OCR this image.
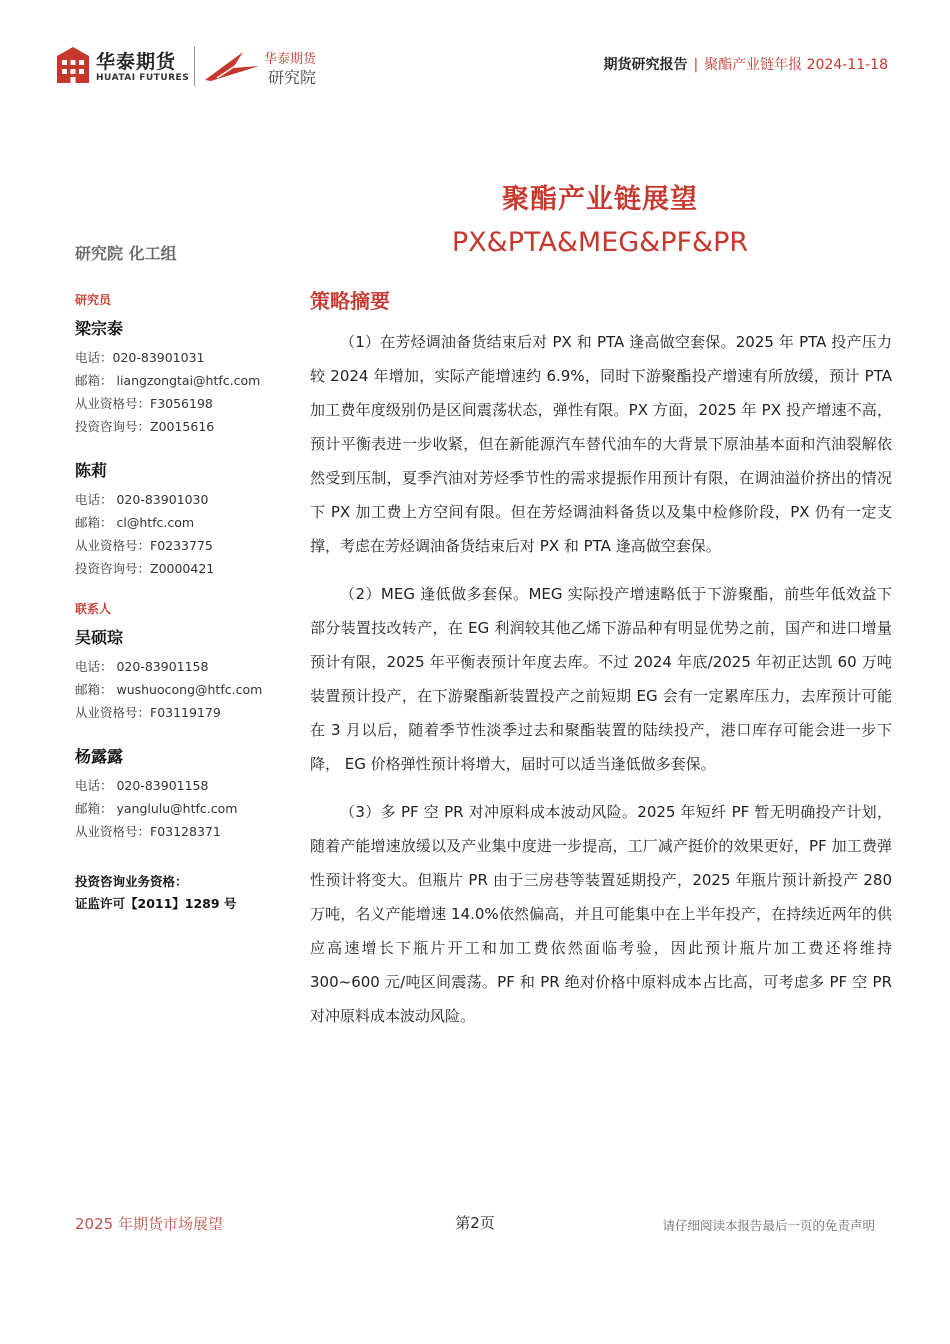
华泰期货
HUATAI FUTURES
华泰期货
研究院
期货研究报告 | 聚酯产业链年报 2024-11-18
聚酯产业链展望
PX&PTA&MEG&PF&PR
研究院 化工组
研究员
梁宗泰
电话：020-83901031
邮箱： liangzongtai@htfc.com
从业资格号：F3056198
投资咨询号：Z0015616
陈莉
电话： 020-83901030
邮箱： cl@htfc.com
从业资格号：F0233775
投资咨询号：Z0000421
联系人
吴硕琮
电话： 020-83901158
邮箱： wushuocong@htfc.com
从业资格号：F03119179
杨露露
电话： 020-83901158
邮箱： yanglulu@htfc.com
从业资格号：F03128371
投资咨询业务资格：
证监许可【2011】1289 号
策略摘要

（1）在芳烃调油备货结束后对 PX 和 PTA 逢高做空套保。2025 年 PTA 投产压力较 2024 年增加，实际产能增速约 6.9%，同时下游聚酯投产增速有所放缓，预计 PTA 加工费年度级别仍是区间震荡状态，弹性有限。PX 方面，2025 年 PX 投产增速不高，预计平衡表进一步收紧，但在新能源汽车替代油车的大背景下原油基本面和汽油裂解依然受到压制，夏季汽油对芳烃季节性的需求提振作用预计有限，在调油溢价挤出的情况下 PX 加工费上方空间有限。但在芳烃调油料备货以及集中检修阶段，PX 仍有一定支撑，考虑在芳烃调油备货结束后对 PX 和 PTA 逢高做空套保。

（2）MEG 逢低做多套保。MEG 实际投产增速略低于下游聚酯，前些年低效益下部分装置技改转产，在 EG 利润较其他乙烯下游品种有明显优势之前，国产和进口增量预计有限，2025 年平衡表预计年度去库。不过 2024 年底/2025 年初正达凯 60 万吨装置预计投产，在下游聚酯新装置投产之前短期 EG 会有一定累库压力，去库预计可能在 3 月以后，随着季节性淡季过去和聚酯装置的陆续投产，港口库存可能会进一步下降， EG 价格弹性预计将增大，届时可以适当逢低做多套保。

（3）多 PF 空 PR 对冲原料成本波动风险。2025 年短纤 PF 暂无明确投产计划，随着产能增速放缓以及产业集中度进一步提高，工厂减产挺价的效果更好，PF 加工费弹性预计将变大。但瓶片 PR 由于三房巷等装置延期投产，2025 年瓶片预计新投产 280 万吨，名义产能增速 14.0%依然偏高，并且可能集中在上半年投产，在持续近两年的供应高速增长下瓶片开工和加工费依然面临考验，因此预计瓶片加工费还将维持 300~600 元/吨区间震荡。PF 和 PR 绝对价格中原料成本占比高，可考虑多 PF 空 PR 对冲原料成本波动风险。

2025 年期货市场展望	第2页	请仔细阅读本报告最后一页的免责声明
